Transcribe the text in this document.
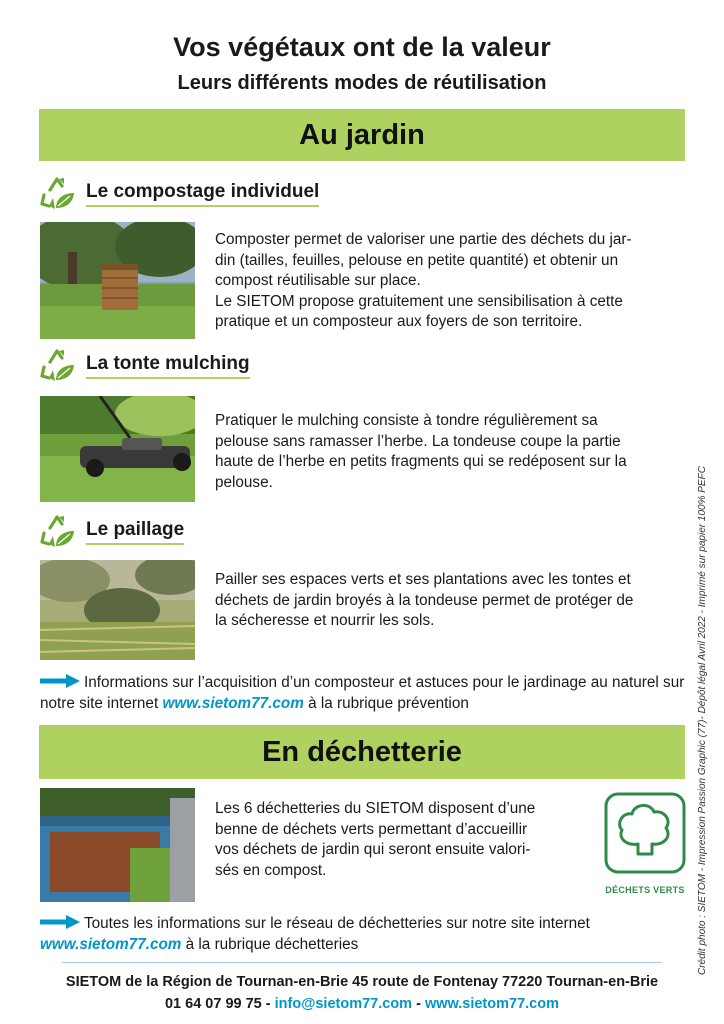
Vos végétaux ont de la valeur
Leurs différents modes de réutilisation
Au jardin
Le compostage individuel

Composter permet de valoriser une partie des déchets du jar-
din (tailles, feuilles, pelouse en petite quantité) et obtenir un
compost réutilisable sur place.
Le SIETOM propose gratuitement une sensibilisation à cette
pratique et un composteur aux foyers de son territoire.

La tonte mulching

Pratiquer le mulching consiste à tondre régulièrement sa
pelouse sans ramasser l’herbe. La tondeuse coupe la partie
haute de l’herbe en petits fragments qui se redéposent sur la
pelouse.

Le paillage

Pailler ses espaces verts et ses plantations avec les tontes et
déchets de jardin broyés à la tondeuse permet de protéger de
la sécheresse et nourrir les sols.

Informations sur l’acquisition d’un composteur et astuces pour le jardinage au naturel sur notre site internet www.sietom77.com à la rubrique prévention

En déchetterie

Les 6 déchetteries du SIETOM disposent d’une
benne de déchets verts permettant d’accueillir
vos déchets de jardin qui seront ensuite valori-
sés en compost.

DÉCHETS VERTS

Toutes les informations sur le réseau de déchetteries sur notre site internet www.sietom77.com à la rubrique déchetteries

SIETOM de la Région de Tournan-en-Brie 45 route de Fontenay 77220 Tournan-en-Brie

01 64 07 99 75 - info@sietom77.com - www.sietom77.com

Crédit photo : SIETOM - Impression Passion Graphic (77)- Dépôt légal Avril 2022 - Imprimé sur papier 100% PEFC
